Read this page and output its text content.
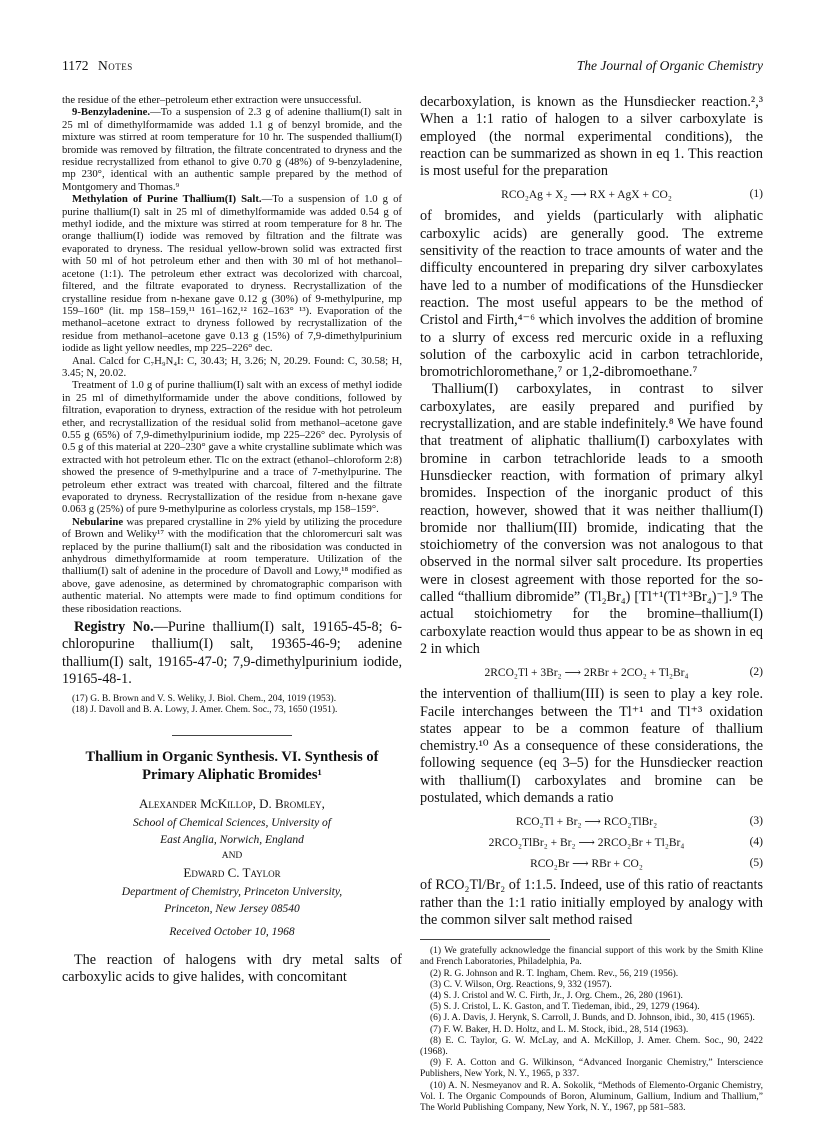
1172 Notes	The Journal of Organic Chemistry

the residue of the ether–petroleum ether extraction were unsuccessful.

9-Benzyladenine.—To a suspension of 2.3 g of adenine thallium(I) salt in 25 ml of dimethylformamide was added 1.1 g of benzyl bromide, and the mixture was stirred at room temperature for 10 hr. The suspended thallium(I) bromide was removed by filtration, the filtrate concentrated to dryness and the residue recrystallized from ethanol to give 0.70 g (48%) of 9-benzyladenine, mp 230°, identical with an authentic sample prepared by the method of Montgomery and Thomas.⁹

Methylation of Purine Thallium(I) Salt.—To a suspension of 1.0 g of purine thallium(I) salt in 25 ml of dimethylformamide was added 0.54 g of methyl iodide, and the mixture was stirred at room temperature for 8 hr. The orange thallium(I) iodide was removed by filtration and the filtrate was evaporated to dryness. The residual yellow-brown solid was extracted first with 50 ml of hot petroleum ether and then with 30 ml of hot methanol–acetone (1:1). The petroleum ether extract was decolorized with charcoal, filtered, and the filtrate evaporated to dryness. Recrystallization of the crystalline residue from n-hexane gave 0.12 g (30%) of 9-methylpurine, mp 159–160° (lit. mp 158–159,¹¹ 161–162,¹² 162–163° ¹³). Evaporation of the methanol–acetone extract to dryness followed by recrystallization of the residue from methanol–acetone gave 0.13 g (15%) of 7,9-dimethylpurinium iodide as light yellow needles, mp 225–226° dec.

Anal. Calcd for C₇H₉N₄I: C, 30.43; H, 3.26; N, 20.29. Found: C, 30.58; H, 3.45; N, 20.02.

Treatment of 1.0 g of purine thallium(I) salt with an excess of methyl iodide in 25 ml of dimethylformamide under the above conditions, followed by filtration, evaporation to dryness, extraction of the residue with hot petroleum ether, and recrystallization of the residual solid from methanol–acetone gave 0.55 g (65%) of 7,9-dimethylpurinium iodide, mp 225–226° dec. Pyrolysis of 0.5 g of this material at 220–230° gave a white crystalline sublimate which was extracted with hot petroleum ether. Tlc on the extract (ethanol–chloroform 2:8) showed the presence of 9-methylpurine and a trace of 7-methylpurine. The petroleum ether extract was treated with charcoal, filtered and the filtrate evaporated to dryness. Recrystallization of the residue from n-hexane gave 0.063 g (25%) of pure 9-methylpurine as colorless crystals, mp 158–159°.

Nebularine was prepared crystalline in 2% yield by utilizing the procedure of Brown and Weliky¹⁷ with the modification that the chloromercuri salt was replaced by the purine thallium(I) salt and the ribosidation was conducted in anhydrous dimethylformamide at room temperature. Utilization of the thallium(I) salt of adenine in the procedure of Davoll and Lowy,¹⁸ modified as above, gave adenosine, as determined by chromatographic comparison with authentic material. No attempts were made to find optimum conditions for these ribosidation reactions.

Registry No.—Purine thallium(I) salt, 19165-45-8; 6-chloropurine thallium(I) salt, 19365-46-9; adenine thallium(I) salt, 19165-47-0; 7,9-dimethylpurinium iodide, 19165-48-1.

(17) G. B. Brown and V. S. Weliky, J. Biol. Chem., 204, 1019 (1953).

(18) J. Davoll and B. A. Lowy, J. Amer. Chem. Soc., 73, 1650 (1951).

Thallium in Organic Synthesis. VI. Synthesis of Primary Aliphatic Bromides¹
Alexander McKillop, D. Bromley,
School of Chemical Sciences, University of
East Anglia, Norwich, England
AND
Edward C. Taylor
Department of Chemistry, Princeton University,
Princeton, New Jersey 08540
Received October 10, 1968

The reaction of halogens with dry metal salts of carboxylic acids to give halides, with concomitant

decarboxylation, is known as the Hunsdiecker reaction.²,³ When a 1:1 ratio of halogen to a silver carboxylate is employed (the normal experimental conditions), the reaction can be summarized as shown in eq 1. This reaction is most useful for the preparation

RCO₂Ag + X₂ ⟶ RX + AgX + CO₂	(1)

of bromides, and yields (particularly with aliphatic carboxylic acids) are generally good. The extreme sensitivity of the reaction to trace amounts of water and the difficulty encountered in preparing dry silver carboxylates have led to a number of modifications of the Hunsdiecker reaction. The most useful appears to be the method of Cristol and Firth,⁴⁻⁶ which involves the addition of bromine to a slurry of excess red mercuric oxide in a refluxing solution of the carboxylic acid in carbon tetrachloride, bromotrichloromethane,⁷ or 1,2-dibromoethane.⁷

Thallium(I) carboxylates, in contrast to silver carboxylates, are easily prepared and purified by recrystallization, and are stable indefinitely.⁸ We have found that treatment of aliphatic thallium(I) carboxylates with bromine in carbon tetrachloride leads to a smooth Hunsdiecker reaction, with formation of primary alkyl bromides. Inspection of the inorganic product of this reaction, however, showed that it was neither thallium(I) bromide nor thallium(III) bromide, indicating that the stoichiometry of the conversion was not analogous to that observed in the normal silver salt procedure. Its properties were in closest agreement with those reported for the so-called “thallium dibromide” (Tl₂Br₄) [Tl⁺¹(Tl⁺³Br₄)⁻].⁹ The actual stoichiometry for the bromine–thallium(I) carboxylate reaction would thus appear to be as shown in eq 2 in which

2RCO₂Tl + 3Br₂ ⟶ 2RBr + 2CO₂ + Tl₂Br₄	(2)

the intervention of thallium(III) is seen to play a key role. Facile interchanges between the Tl⁺¹ and Tl⁺³ oxidation states appear to be a common feature of thallium chemistry.¹⁰ As a consequence of these considerations, the following sequence (eq 3–5) for the Hunsdiecker reaction with thallium(I) carboxylates and bromine can be postulated, which demands a ratio

RCO₂Tl + Br₂ ⟶ RCO₂TlBr₂	(3)
2RCO₂TlBr₂ + Br₂ ⟶ 2RCO₂Br + Tl₂Br₄	(4)
RCO₂Br ⟶ RBr + CO₂	(5)

of RCO₂Tl/Br₂ of 1:1.5. Indeed, use of this ratio of reactants rather than the 1:1 ratio initially employed by analogy with the common silver salt method raised

(1) We gratefully acknowledge the financial support of this work by the Smith Kline and French Laboratories, Philadelphia, Pa.

(2) R. G. Johnson and R. T. Ingham, Chem. Rev., 56, 219 (1956).

(3) C. V. Wilson, Org. Reactions, 9, 332 (1957).

(4) S. J. Cristol and W. C. Firth, Jr., J. Org. Chem., 26, 280 (1961).

(5) S. J. Cristol, L. K. Gaston, and T. Tiedeman, ibid., 29, 1279 (1964).

(6) J. A. Davis, J. Herynk, S. Carroll, J. Bunds, and D. Johnson, ibid., 30, 415 (1965).

(7) F. W. Baker, H. D. Holtz, and L. M. Stock, ibid., 28, 514 (1963).

(8) E. C. Taylor, G. W. McLay, and A. McKillop, J. Amer. Chem. Soc., 90, 2422 (1968).

(9) F. A. Cotton and G. Wilkinson, “Advanced Inorganic Chemistry,” Interscience Publishers, New York, N. Y., 1965, p 337.

(10) A. N. Nesmeyanov and R. A. Sokolik, “Methods of Elemento-Organic Chemistry, Vol. I. The Organic Compounds of Boron, Aluminum, Gallium, Indium and Thallium,” The World Publishing Company, New York, N. Y., 1967, pp 581–583.
